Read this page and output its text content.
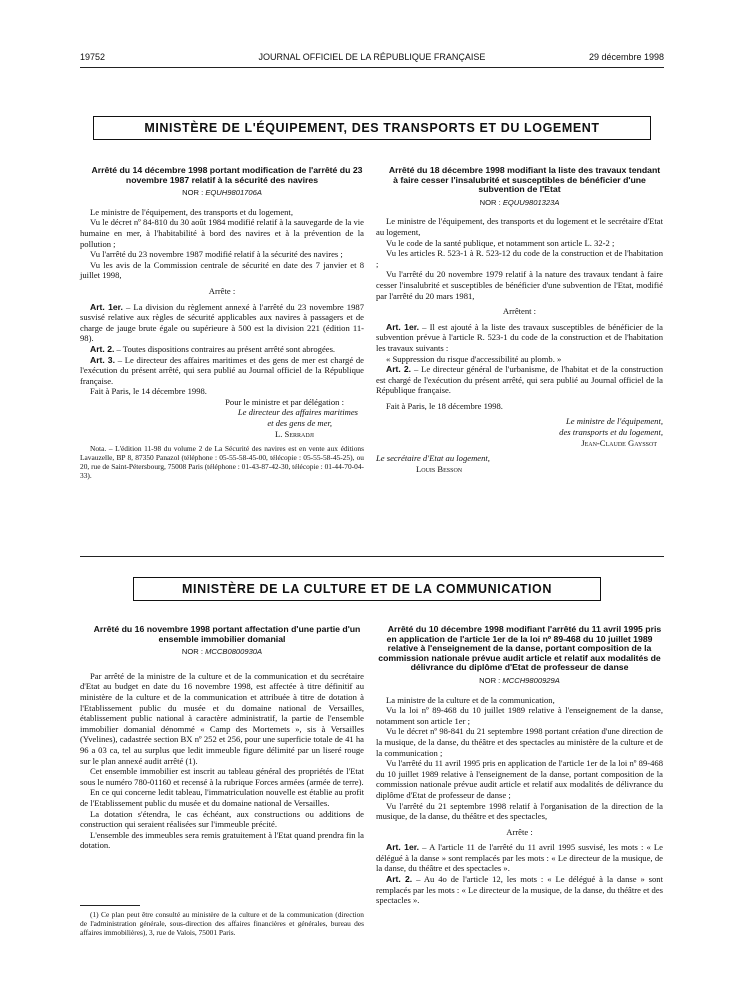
19752	JOURNAL OFFICIEL DE LA RÉPUBLIQUE FRANÇAISE	29 décembre 1998
MINISTÈRE DE L'ÉQUIPEMENT, DES TRANSPORTS ET DU LOGEMENT

Arrêté du 14 décembre 1998 portant modification de l'arrêté du 23 novembre 1987 relatif à la sécurité des navires

NOR : EQUH9801706A

Le ministre de l'équipement, des transports et du logement,

Vu le décret nº 84-810 du 30 août 1984 modifié relatif à la sauvegarde de la vie humaine en mer, à l'habitabilité à bord des navires et à la prévention de la pollution ;

Vu l'arrêté du 23 novembre 1987 modifié relatif à la sécurité des navires ;

Vu les avis de la Commission centrale de sécurité en date des 7 janvier et 8 juillet 1998,

Arrête :

Art. 1er. – La division du règlement annexé à l'arrêté du 23 novembre 1987 susvisé relative aux règles de sécurité applicables aux navires à passagers et de charge de jauge brute égale ou supérieure à 500 est la division 221 (édition 11-98).

Art. 2. – Toutes dispositions contraires au présent arrêté sont abrogées.

Art. 3. – Le directeur des affaires maritimes et des gens de mer est chargé de l'exécution du présent arrêté, qui sera publié au Journal officiel de la République française.

Fait à Paris, le 14 décembre 1998.

Pour le ministre et par délégation :

Le directeur des affaires maritimes

et des gens de mer,

L. Serradji

Nota. – L'édition 11-98 du volume 2 de La Sécurité des navires est en vente aux éditions Lavauzelle, BP 8, 87350 Panazol (téléphone : 05-55-58-45-00, télécopie : 05-55-58-45-25), ou 20, rue de Saint-Pétersbourg, 75008 Paris (téléphone : 01-43-87-42-30, télécopie : 01-44-70-04-33).

Arrêté du 18 décembre 1998 modifiant la liste des travaux tendant à faire cesser l'insalubrité et susceptibles de bénéficier d'une subvention de l'Etat

NOR : EQUU9801323A

Le ministre de l'équipement, des transports et du logement et le secrétaire d'Etat au logement,

Vu le code de la santé publique, et notamment son article L. 32-2 ;

Vu les articles R. 523-1 à R. 523-12 du code de la construction et de l'habitation ;

Vu l'arrêté du 20 novembre 1979 relatif à la nature des travaux tendant à faire cesser l'insalubrité et susceptibles de bénéficier d'une subvention de l'Etat, modifié par l'arrêté du 20 mars 1981,

Arrêtent :

Art. 1er. – Il est ajouté à la liste des travaux susceptibles de bénéficier de la subvention prévue à l'article R. 523-1 du code de la construction et de l'habitation les travaux suivants :

« Suppression du risque d'accessibilité au plomb. »

Art. 2. – Le directeur général de l'urbanisme, de l'habitat et de la construction est chargé de l'exécution du présent arrêté, qui sera publié au Journal officiel de la République française.

Fait à Paris, le 18 décembre 1998.

Le ministre de l'équipement,

des transports et du logement,

Jean-Claude Gayssot

Le secrétaire d'Etat au logement,

Louis Besson

MINISTÈRE DE LA CULTURE ET DE LA COMMUNICATION

Arrêté du 16 novembre 1998 portant affectation d'une partie d'un ensemble immobilier domanial

NOR : MCCB0800930A

Par arrêté de la ministre de la culture et de la communication et du secrétaire d'Etat au budget en date du 16 novembre 1998, est affectée à titre définitif au ministère de la culture et de la communication et attribuée à titre de dotation à l'Etablissement public du musée et du domaine national de Versailles, établissement public national à caractère administratif, la partie de l'ensemble immobilier domanial dénommé « Camp des Mortemets », sis à Versailles (Yvelines), cadastrée section BX nº 252 et 256, pour une superficie totale de 41 ha 96 a 03 ca, tel au surplus que ledit immeuble figure délimité par un liseré rouge sur le plan annexé audit arrêté (1).

Cet ensemble immobilier est inscrit au tableau général des propriétés de l'Etat sous le numéro 780-01160 et recensé à la rubrique Forces armées (armée de terre).

En ce qui concerne ledit tableau, l'immatriculation nouvelle est établie au profit de l'Etablissement public du musée et du domaine national de Versailles.

La dotation s'étendra, le cas échéant, aux constructions ou additions de construction qui seraient réalisées sur l'immeuble précité.

L'ensemble des immeubles sera remis gratuitement à l'Etat quand prendra fin la dotation.

(1) Ce plan peut être consulté au ministère de la culture et de la communication (direction de l'administration générale, sous-direction des affaires financières et générales, bureau des affaires immobilières), 3, rue de Valois, 75001 Paris.

Arrêté du 10 décembre 1998 modifiant l'arrêté du 11 avril 1995 pris en application de l'article 1er de la loi nº 89-468 du 10 juillet 1989 relative à l'enseignement de la danse, portant composition de la commission nationale prévue audit article et relatif aux modalités de délivrance du diplôme d'Etat de professeur de danse

NOR : MCCH9800929A

La ministre de la culture et de la communication,

Vu la loi nº 89-468 du 10 juillet 1989 relative à l'enseignement de la danse, notamment son article 1er ;

Vu le décret nº 98-841 du 21 septembre 1998 portant création d'une direction de la musique, de la danse, du théâtre et des spectacles au ministère de la culture et de la communication ;

Vu l'arrêté du 11 avril 1995 pris en application de l'article 1er de la loi nº 89-468 du 10 juillet 1989 relative à l'enseignement de la danse, portant composition de la commission nationale prévue audit article et relatif aux modalités de délivrance du diplôme d'Etat de professeur de danse ;

Vu l'arrêté du 21 septembre 1998 relatif à l'organisation de la direction de la musique, de la danse, du théâtre et des spectacles,

Arrête :

Art. 1er. – A l'article 11 de l'arrêté du 11 avril 1995 susvisé, les mots : « Le délégué à la danse » sont remplacés par les mots : « Le directeur de la musique, de la danse, du théâtre et des spectacles ».

Art. 2. – Au 4o de l'article 12, les mots : « Le délégué à la danse » sont remplacés par les mots : « Le directeur de la musique, de la danse, du théâtre et des spectacles ».
